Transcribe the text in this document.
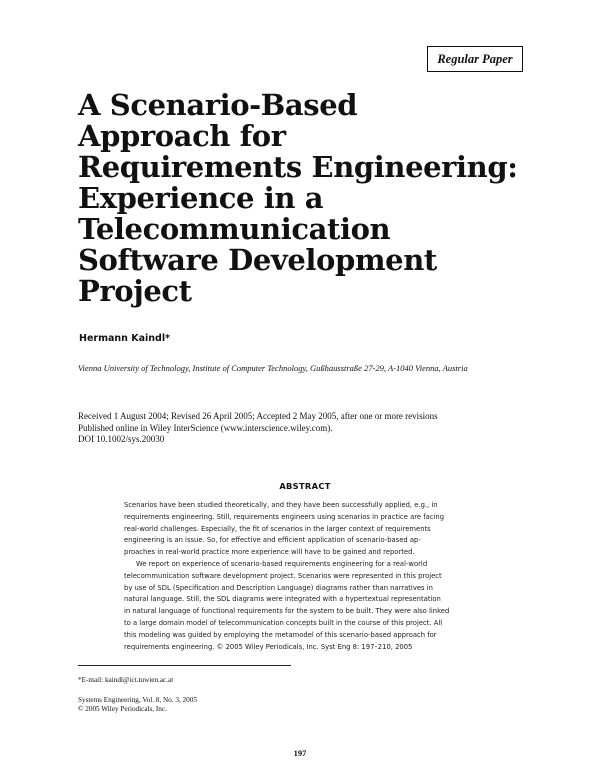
Regular Paper
A Scenario-Based
Approach for
Requirements Engineering:
Experience in a
Telecommunication
Software Development
Project
Hermann Kaindl*
Vienna University of Technology, Institute of Computer Technology, Gußhausstraße 27-29, A-1040 Vienna, Austria
Received 1 August 2004; Revised 26 April 2005; Accepted 2 May 2005, after one or more revisions
Published online in Wiley InterScience (www.interscience.wiley.com).
DOI 10.1002/sys.20030
ABSTRACT
Scenarios have been studied theoretically, and they have been successfully applied, e.g., in
requirements engineering. Still, requirements engineers using scenarios in practice are facing
real-world challenges. Especially, the fit of scenarios in the larger context of requirements
engineering is an issue. So, for effective and efficient application of scenario-based ap-
proaches in real-world practice more experience will have to be gained and reported.
We report on experience of scenario-based requirements engineering for a real-world
telecommunication software development project. Scenarios were represented in this project
by use of SDL (Specification and Description Language) diagrams rather than narratives in
natural language. Still, the SDL diagrams were integrated with a hypertextual representation
in natural language of functional requirements for the system to be built. They were also linked
to a large domain model of telecommunication concepts built in the course of this project. All
this modeling was guided by employing the metamodel of this scenario-based approach for
requirements engineering. © 2005 Wiley Periodicals, Inc. Syst Eng 8: 197–210, 2005
*E-mail: kaindl@ict.tuwien.ac.at
Systems Engineering, Vol. 8, No. 3, 2005
© 2005 Wiley Periodicals, Inc.
197
